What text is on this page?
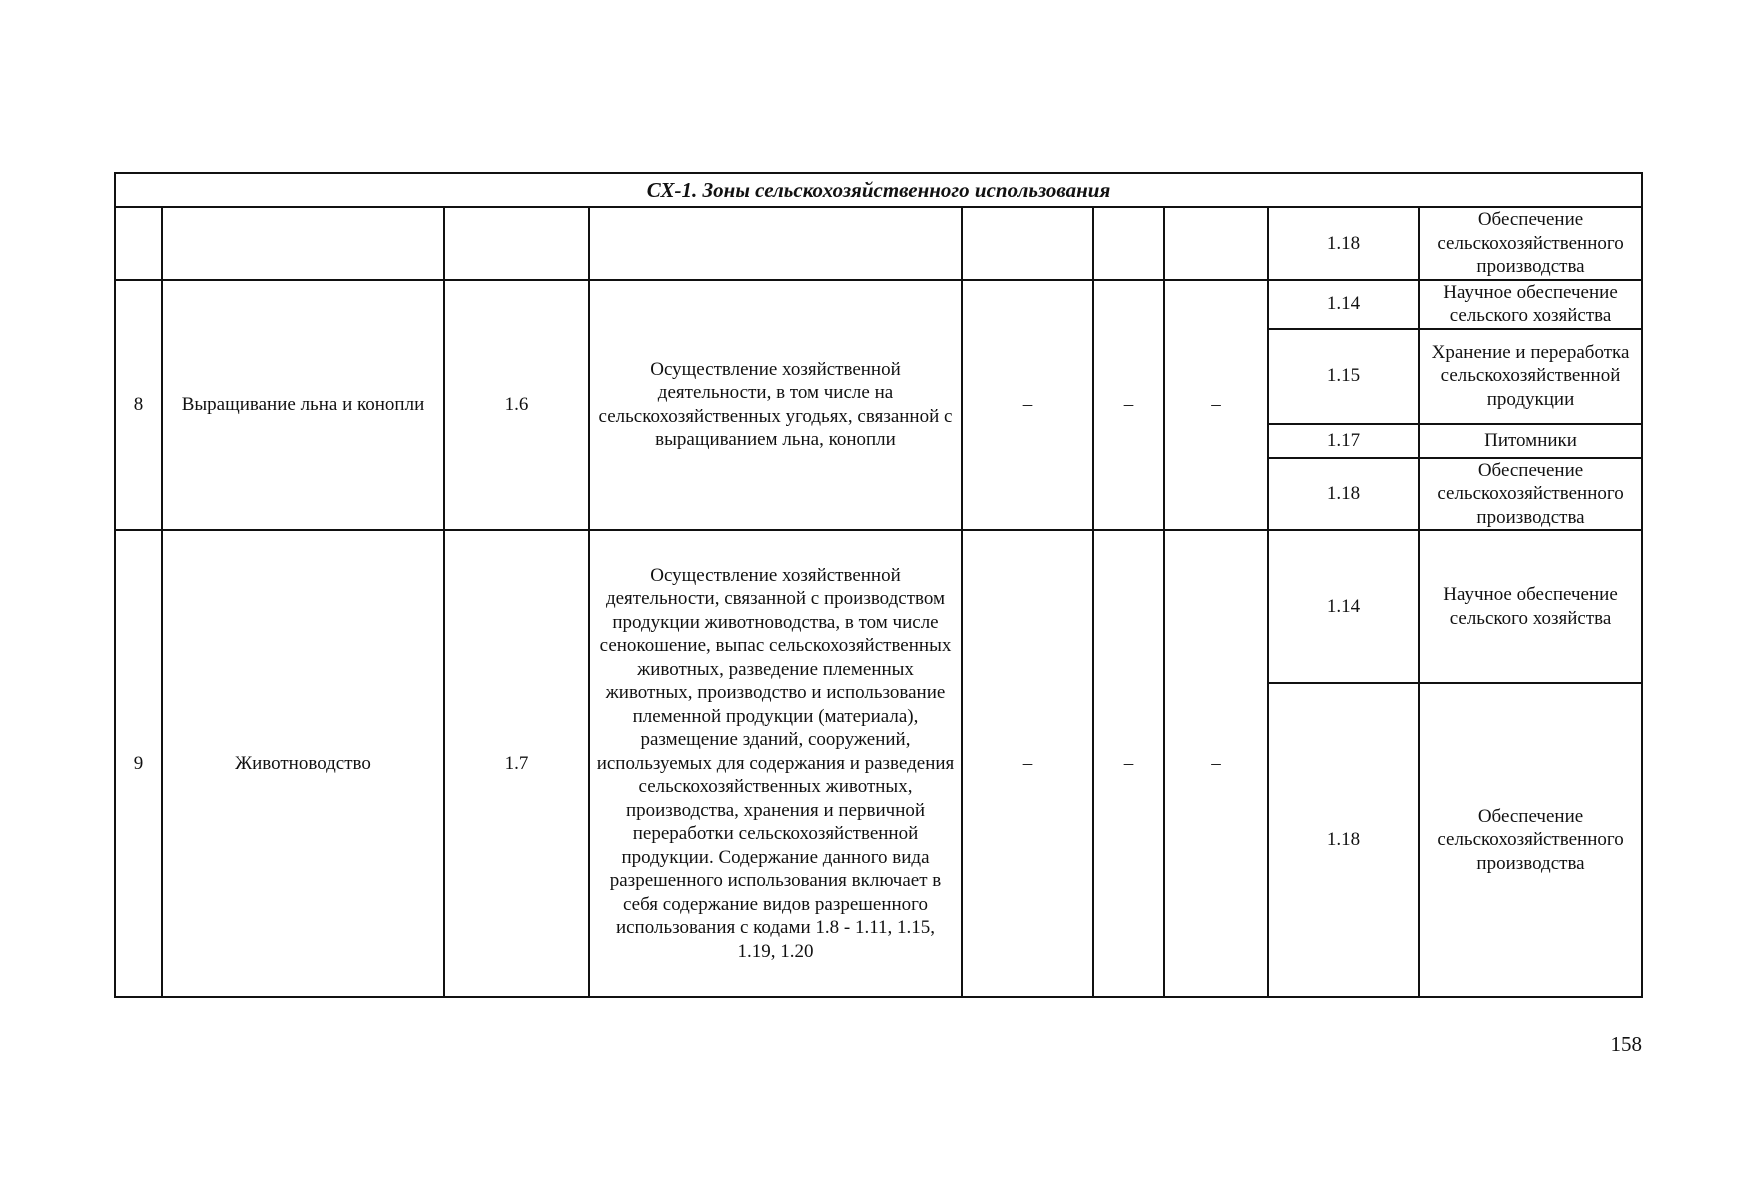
СХ-1. Зоны сельскохозяйственного использования								
							1.18	Обеспечение сельскохозяйственного производства
8	Выращивание льна и конопли	1.6	Осуществление хозяйственной деятельности, в том числе на сельскохозяйственных угодьях, связанной с выращиванием льна, конопли	–	–	–	1.14	Научное обеспечение сельского хозяйства
							1.15	Хранение и переработка сельскохозяйственной продукции
							1.17	Питомники
							1.18	Обеспечение сельскохозяйственного производства
9	Животноводство	1.7	Осуществление хозяйственной деятельности, связанной с производством продукции животноводства, в том числе сенокошение, выпас сельскохозяйственных животных, разведение племенных животных, производство и использование племенной продукции (материала), размещение зданий, сооружений, используемых для содержания и разведения сельскохозяйственных животных, производства, хранения и первичной переработки сельскохозяйственной продукции. Содержание данного вида разрешенного использования включает в себя содержание видов разрешенного использования с кодами 1.8 - 1.11, 1.15, 1.19, 1.20	–	–	–	1.14	Научное обеспечение сельского хозяйства
							1.18	Обеспечение сельскохозяйственного производства
158
